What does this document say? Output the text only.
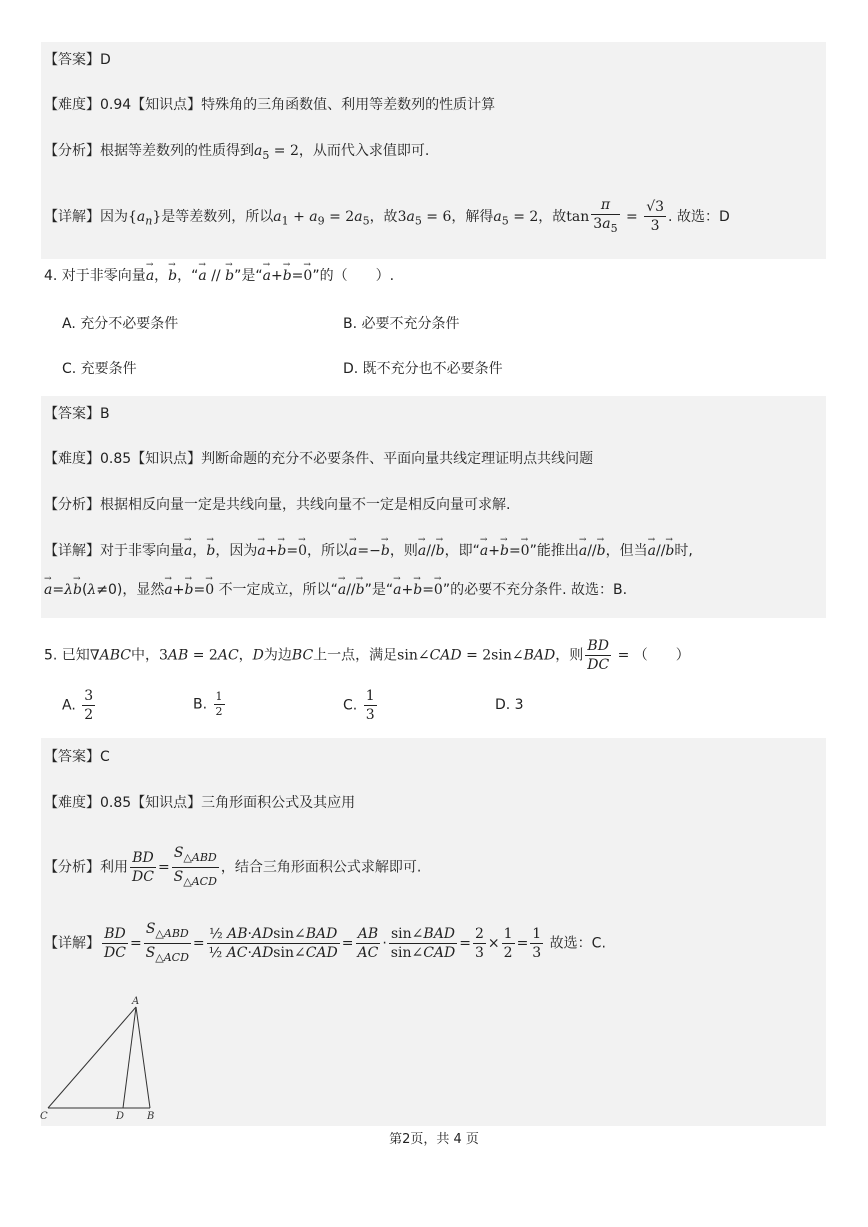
【答案】D
【难度】0.94【知识点】特殊角的三角函数值、利用等差数列的性质计算
【分析】根据等差数列的性质得到$a_5 = 2$，从而代入求值即可.
【详解】因为$\{a_n\}$是等差数列，所以$a_1 + a_9 = 2a_5$，故$3a_5 = 6$，解得$a_5 = 2$，故$\tan \frac{\pi}{3a_5} = \frac{√3}{3}$ . 故选：D
4. 对于非零向量→ a，→ b，“→ a // → b”是“→ a+→ b=→ 0”的（　　）.
A. 充分不必要条件	B. 必要不充分条件
C. 充要条件	D. 既不充分也不必要条件
【答案】B
【难度】0.85【知识点】判断命题的充分不必要条件、平面向量共线定理证明点共线问题
【分析】根据相反向量一定是共线向量，共线向量不一定是相反向量可求解.
【详解】对于非零向量→ a，→ b，因为→ a+→ b=→ 0，所以→ a=−→ b，则→ a//→ b，即“→ a+→ b=→ 0”能推出→ a//→ b，但当→ a//→ b时,
→ a=λ→ b(λ≠0)，显然→ a+→ b=→ 0 不一定成立，所以“→ a//→ b”是“→ a+→ b=→ 0”的必要不充分条件. 故选：B.
5. 已知∇ABC中，3AB = 2AC，D为边BC上一点，满足sin∠CAD = 2sin∠BAD，则 $\frac{BD}{DC}$ = （　　）
A. $\frac{3}{2}$	B. $\frac{1}{2}$	C. $\frac{1}{3}$	D. 3
【答案】C
【难度】0.85【知识点】三角形面积公式及其应用
【分析】利用 $\frac{BD}{DC} = \frac{S_{\triangle ABD}}{S_{\triangle ACD}}$ ，结合三角形面积公式求解即可.
【详解】 $\frac{BD}{DC} = \frac{S_{\triangle ABD}}{S_{\triangle ACD}} = \frac{\text{½ AB·ADsin∠BAD}}{\text{½ AC·ADsin∠CAD}} = \frac{AB}{AC} \cdot \frac{\text{sin∠BAD}}{\text{sin∠CAD}} = \frac{2}{3} \times \frac{1}{2} = \frac{1}{3}$ 故选：C.
A
C	D B
第2页，共 4 页
